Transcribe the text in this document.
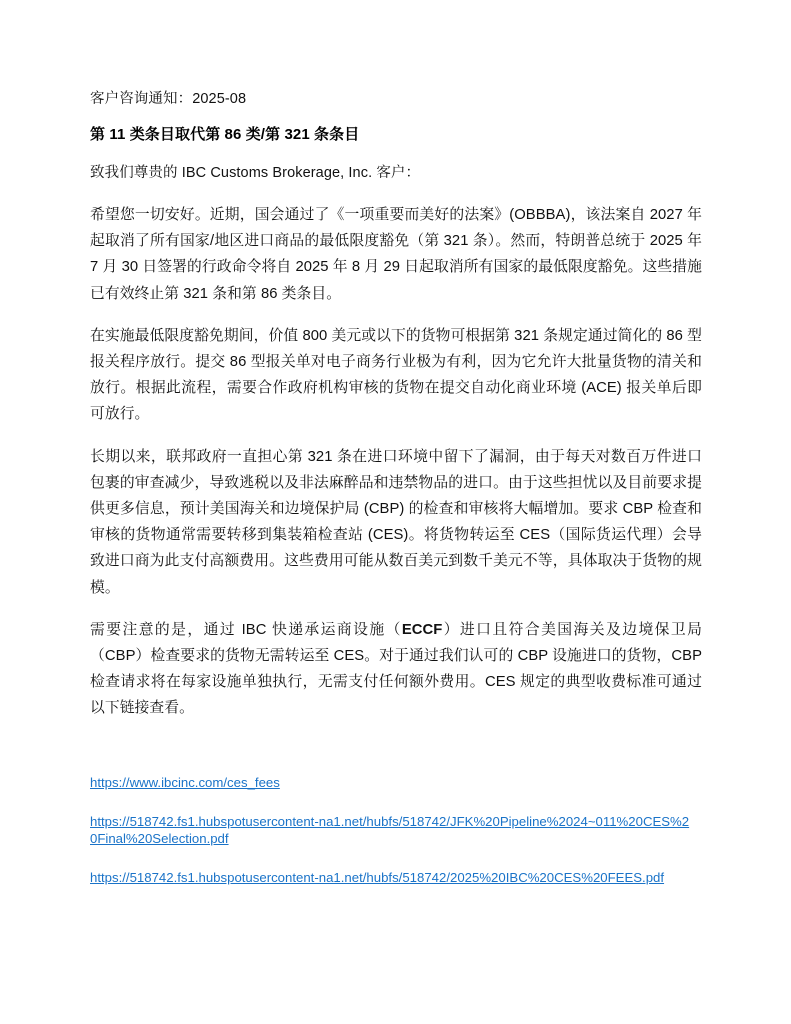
客户咨询通知：2025-08

第 11 类条目取代第 86 类/第 321 条条目

致我们尊贵的 IBC Customs Brokerage, Inc. 客户：

希望您一切安好。近期，国会通过了《一项重要而美好的法案》(OBBBA)，该法案自 2027 年起取消了所有国家/地区进口商品的最低限度豁免（第 321 条）。然而，特朗普总统于 2025 年 7 月 30 日签署的行政命令将自 2025 年 8 月 29 日起取消所有国家的最低限度豁免。这些措施已有效终止第 321 条和第 86 类条目。

在实施最低限度豁免期间，价值 800 美元或以下的货物可根据第 321 条规定通过简化的 86 型报关程序放行。提交 86 型报关单对电子商务行业极为有利，因为它允许大批量货物的清关和放行。根据此流程，需要合作政府机构审核的货物在提交自动化商业环境 (ACE) 报关单后即可放行。

长期以来，联邦政府一直担心第 321 条在进口环境中留下了漏洞，由于每天对数百万件进口包裹的审查减少，导致逃税以及非法麻醉品和违禁物品的进口。由于这些担忧以及目前要求提供更多信息，预计美国海关和边境保护局 (CBP) 的检查和审核将大幅增加。要求 CBP 检查和审核的货物通常需要转移到集装箱检查站 (CES)。将货物转运至 CES（国际货运代理）会导致进口商为此支付高额费用。这些费用可能从数百美元到数千美元不等，具体取决于货物的规模。

需要注意的是，通过 IBC 快递承运商设施（ECCF）进口且符合美国海关及边境保卫局（CBP）检查要求的货物无需转运至 CES。对于通过我们认可的 CBP 设施进口的货物，CBP 检查请求将在每家设施单独执行，无需支付任何额外费用。CES 规定的典型收费标准可通过以下链接查看。

https://www.ibcinc.com/ces_fees
https://518742.fs1.hubspotusercontent-na1.net/hubfs/518742/JFK%20Pipeline%2024~011%20CES%20Final%20Selection.pdf
https://518742.fs1.hubspotusercontent-na1.net/hubfs/518742/2025%20IBC%20CES%20FEES.pdf
